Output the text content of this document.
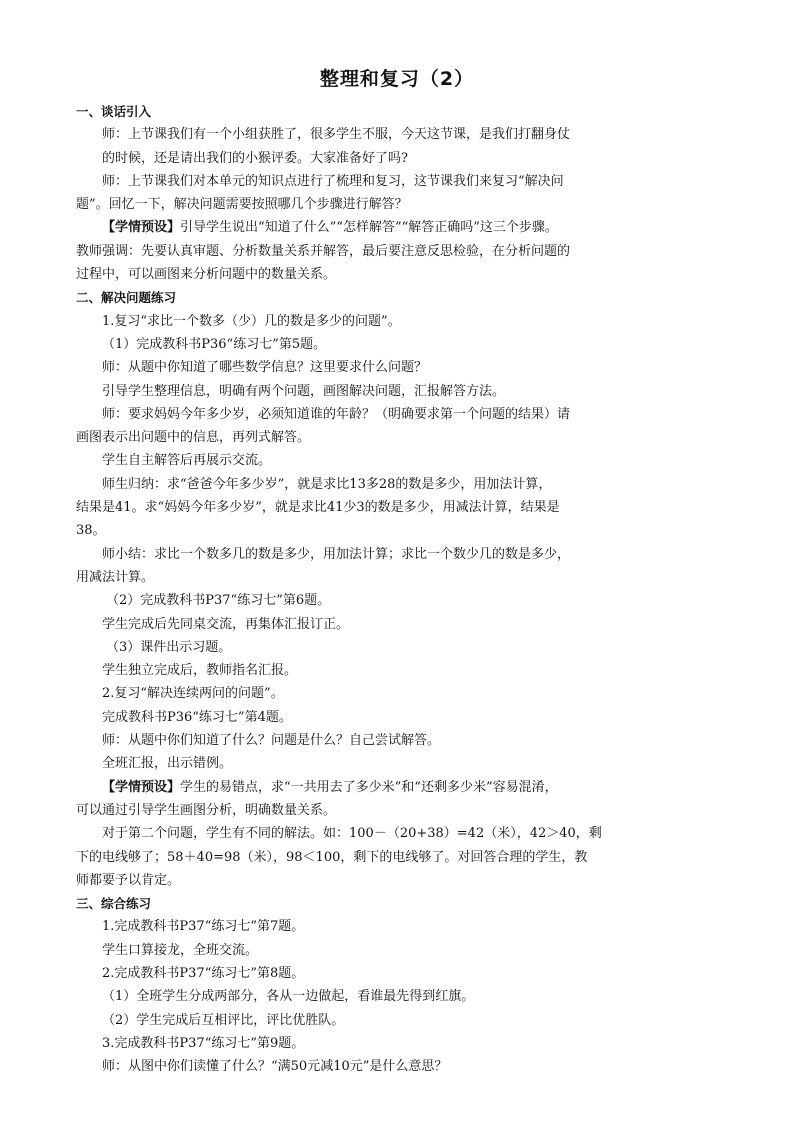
整理和复习（2）
一、谈话引入
师：上节课我们有一个小组获胜了，很多学生不服，今天这节课，是我们打翻身仗
的时候，还是请出我们的小猴评委。大家准备好了吗?
师：上节课我们对本单元的知识点进行了梳理和复习，这节课我们来复习“解决问
题”。回忆一下，解决问题需要按照哪几个步骤进行解答？
【学情预设】引导学生说出“知道了什么”“怎样解答”“解答正确吗”这三个步骤。
教师强调：先要认真审题、分析数量关系并解答，最后要注意反思检验，在分析问题的
过程中，可以画图来分析问题中的数量关系。
二、解决问题练习
1.复习“求比一个数多（少）几的数是多少的问题”。
（1）完成教科书P36“练习七”第5题。
师：从题中你知道了哪些数学信息？这里要求什么问题？
引导学生整理信息，明确有两个问题，画图解决问题，汇报解答方法。
师：要求妈妈今年多少岁，必须知道谁的年龄？（明确要求第一个问题的结果）请
画图表示出问题中的信息，再列式解答。
学生自主解答后再展示交流。
师生归纳：求“爸爸今年多少岁”，就是求比13多28的数是多少，用加法计算，
结果是41。求“妈妈今年多少岁”，就是求比41少3的数是多少，用减法计算，结果是
38。
师小结：求比一个数多几的数是多少，用加法计算；求比一个数少几的数是多少，
用减法计算。
（2）完成教科书P37“练习七”第6题。
学生完成后先同桌交流，再集体汇报订正。
（3）课件出示习题。
学生独立完成后，教师指名汇报。
2.复习“解决连续两问的问题”。
完成教科书P36“练习七”第4题。
师：从题中你们知道了什么？问题是什么？自己尝试解答。
全班汇报，出示错例。
【学情预设】学生的易错点，求“一共用去了多少米”和“还剩多少米”容易混淆，
可以通过引导学生画图分析，明确数量关系。
对于第二个问题，学生有不同的解法。如：100－（20+38）=42（米），42＞40，剩
下的电线够了；58＋40=98（米），98＜100，剩下的电线够了。对回答合理的学生，教
师都要予以肯定。
三、综合练习
1.完成教科书P37“练习七”第7题。
学生口算接龙，全班交流。
2.完成教科书P37“练习七”第8题。
（1）全班学生分成两部分，各从一边做起，看谁最先得到红旗。
（2）学生完成后互相评比，评比优胜队。
3.完成教科书P37“练习七”第9题。
师：从图中你们读懂了什么？“满50元减10元”是什么意思？
